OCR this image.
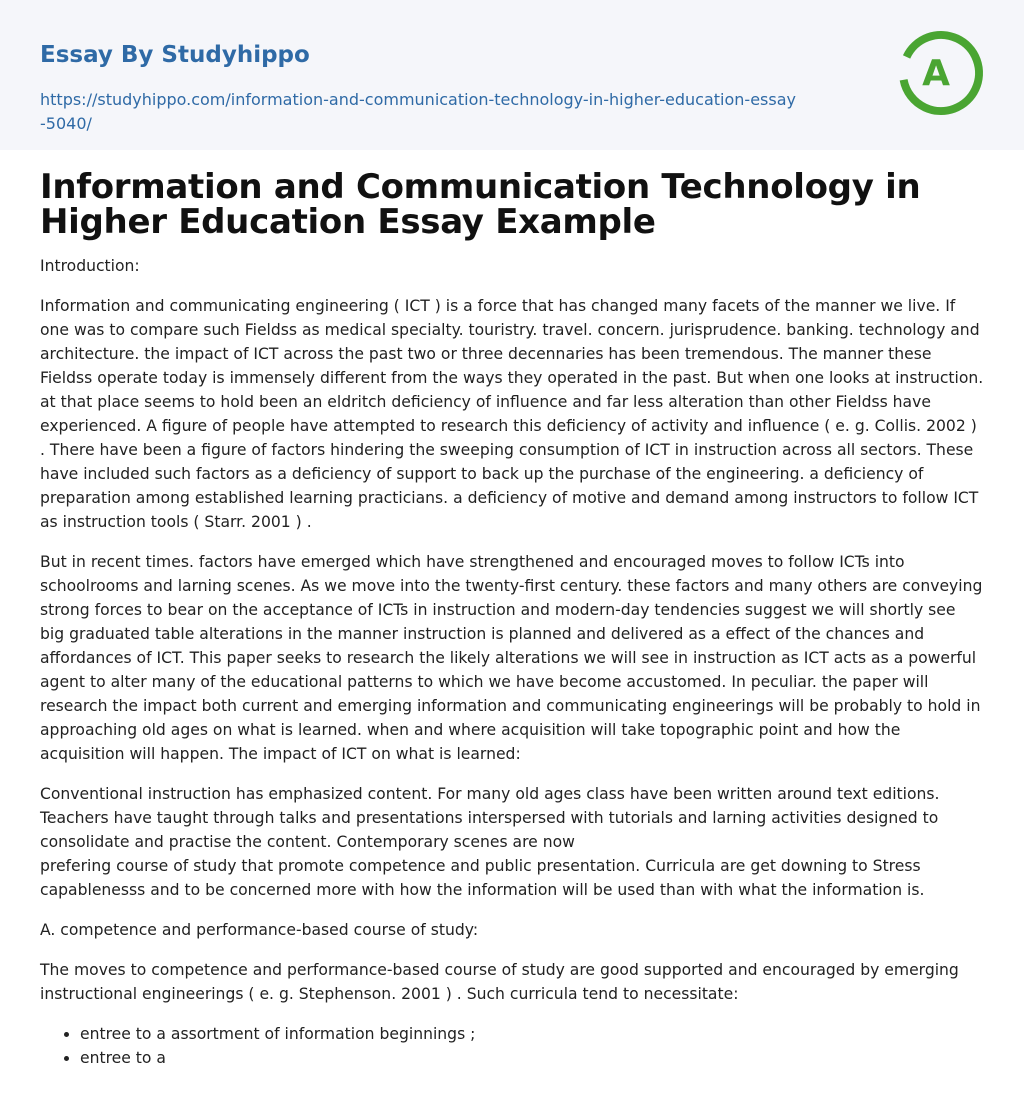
Essay By Studyhippo
https://studyhippo.com/information-and-communication-technology-in-higher-education-essay-5040/
A
Information and Communication Technology in Higher Education Essay Example

Introduction:

Information and communicating engineering ( ICT ) is a force that has changed many facets of the manner we live. If one was to compare such Fieldss as medical specialty. touristry. travel. concern. jurisprudence. banking. technology and architecture. the impact of ICT across the past two or three decennaries has been tremendous. The manner these Fieldss operate today is immensely different from the ways they operated in the past. But when one looks at instruction. at that place seems to hold been an eldritch deficiency of influence and far less alteration than other Fieldss have experienced. A figure of people have attempted to research this deficiency of activity and influence ( e. g. Collis. 2002 ) . There have been a figure of factors hindering the sweeping consumption of ICT in instruction across all sectors. These have included such factors as a deficiency of support to back up the purchase of the engineering. a deficiency of preparation among established learning practicians. a deficiency of motive and demand among instructors to follow ICT as instruction tools ( Starr. 2001 ) .

But in recent times. factors have emerged which have strengthened and encouraged moves to follow ICTs into schoolrooms and larning scenes. As we move into the twenty-first century. these factors and many others are conveying strong forces to bear on the acceptance of ICTs in instruction and modern-day tendencies suggest we will shortly see big graduated table alterations in the manner instruction is planned and delivered as a effect of the chances and affordances of ICT. This paper seeks to research the likely alterations we will see in instruction as ICT acts as a powerful agent to alter many of the educational patterns to which we have become accustomed. In peculiar. the paper will research the impact both current and emerging information and communicating engineerings will be probably to hold in approaching old ages on what is learned. when and where acquisition will take topographic point and how the acquisition will happen. The impact of ICT on what is learned:

Conventional instruction has emphasized content. For many old ages class have been written around text editions. Teachers have taught through talks and presentations interspersed with tutorials and larning activities designed to consolidate and practise the content. Contemporary scenes are now
prefering course of study that promote competence and public presentation. Curricula are get downing to Stress capablenesss and to be concerned more with how the information will be used than with what the information is.

A. competence and performance-based course of study:

The moves to competence and performance-based course of study are good supported and encouraged by emerging instructional engineerings ( e. g. Stephenson. 2001 ) . Such curricula tend to necessitate:

• entree to a assortment of information beginnings ;
• entree to a
